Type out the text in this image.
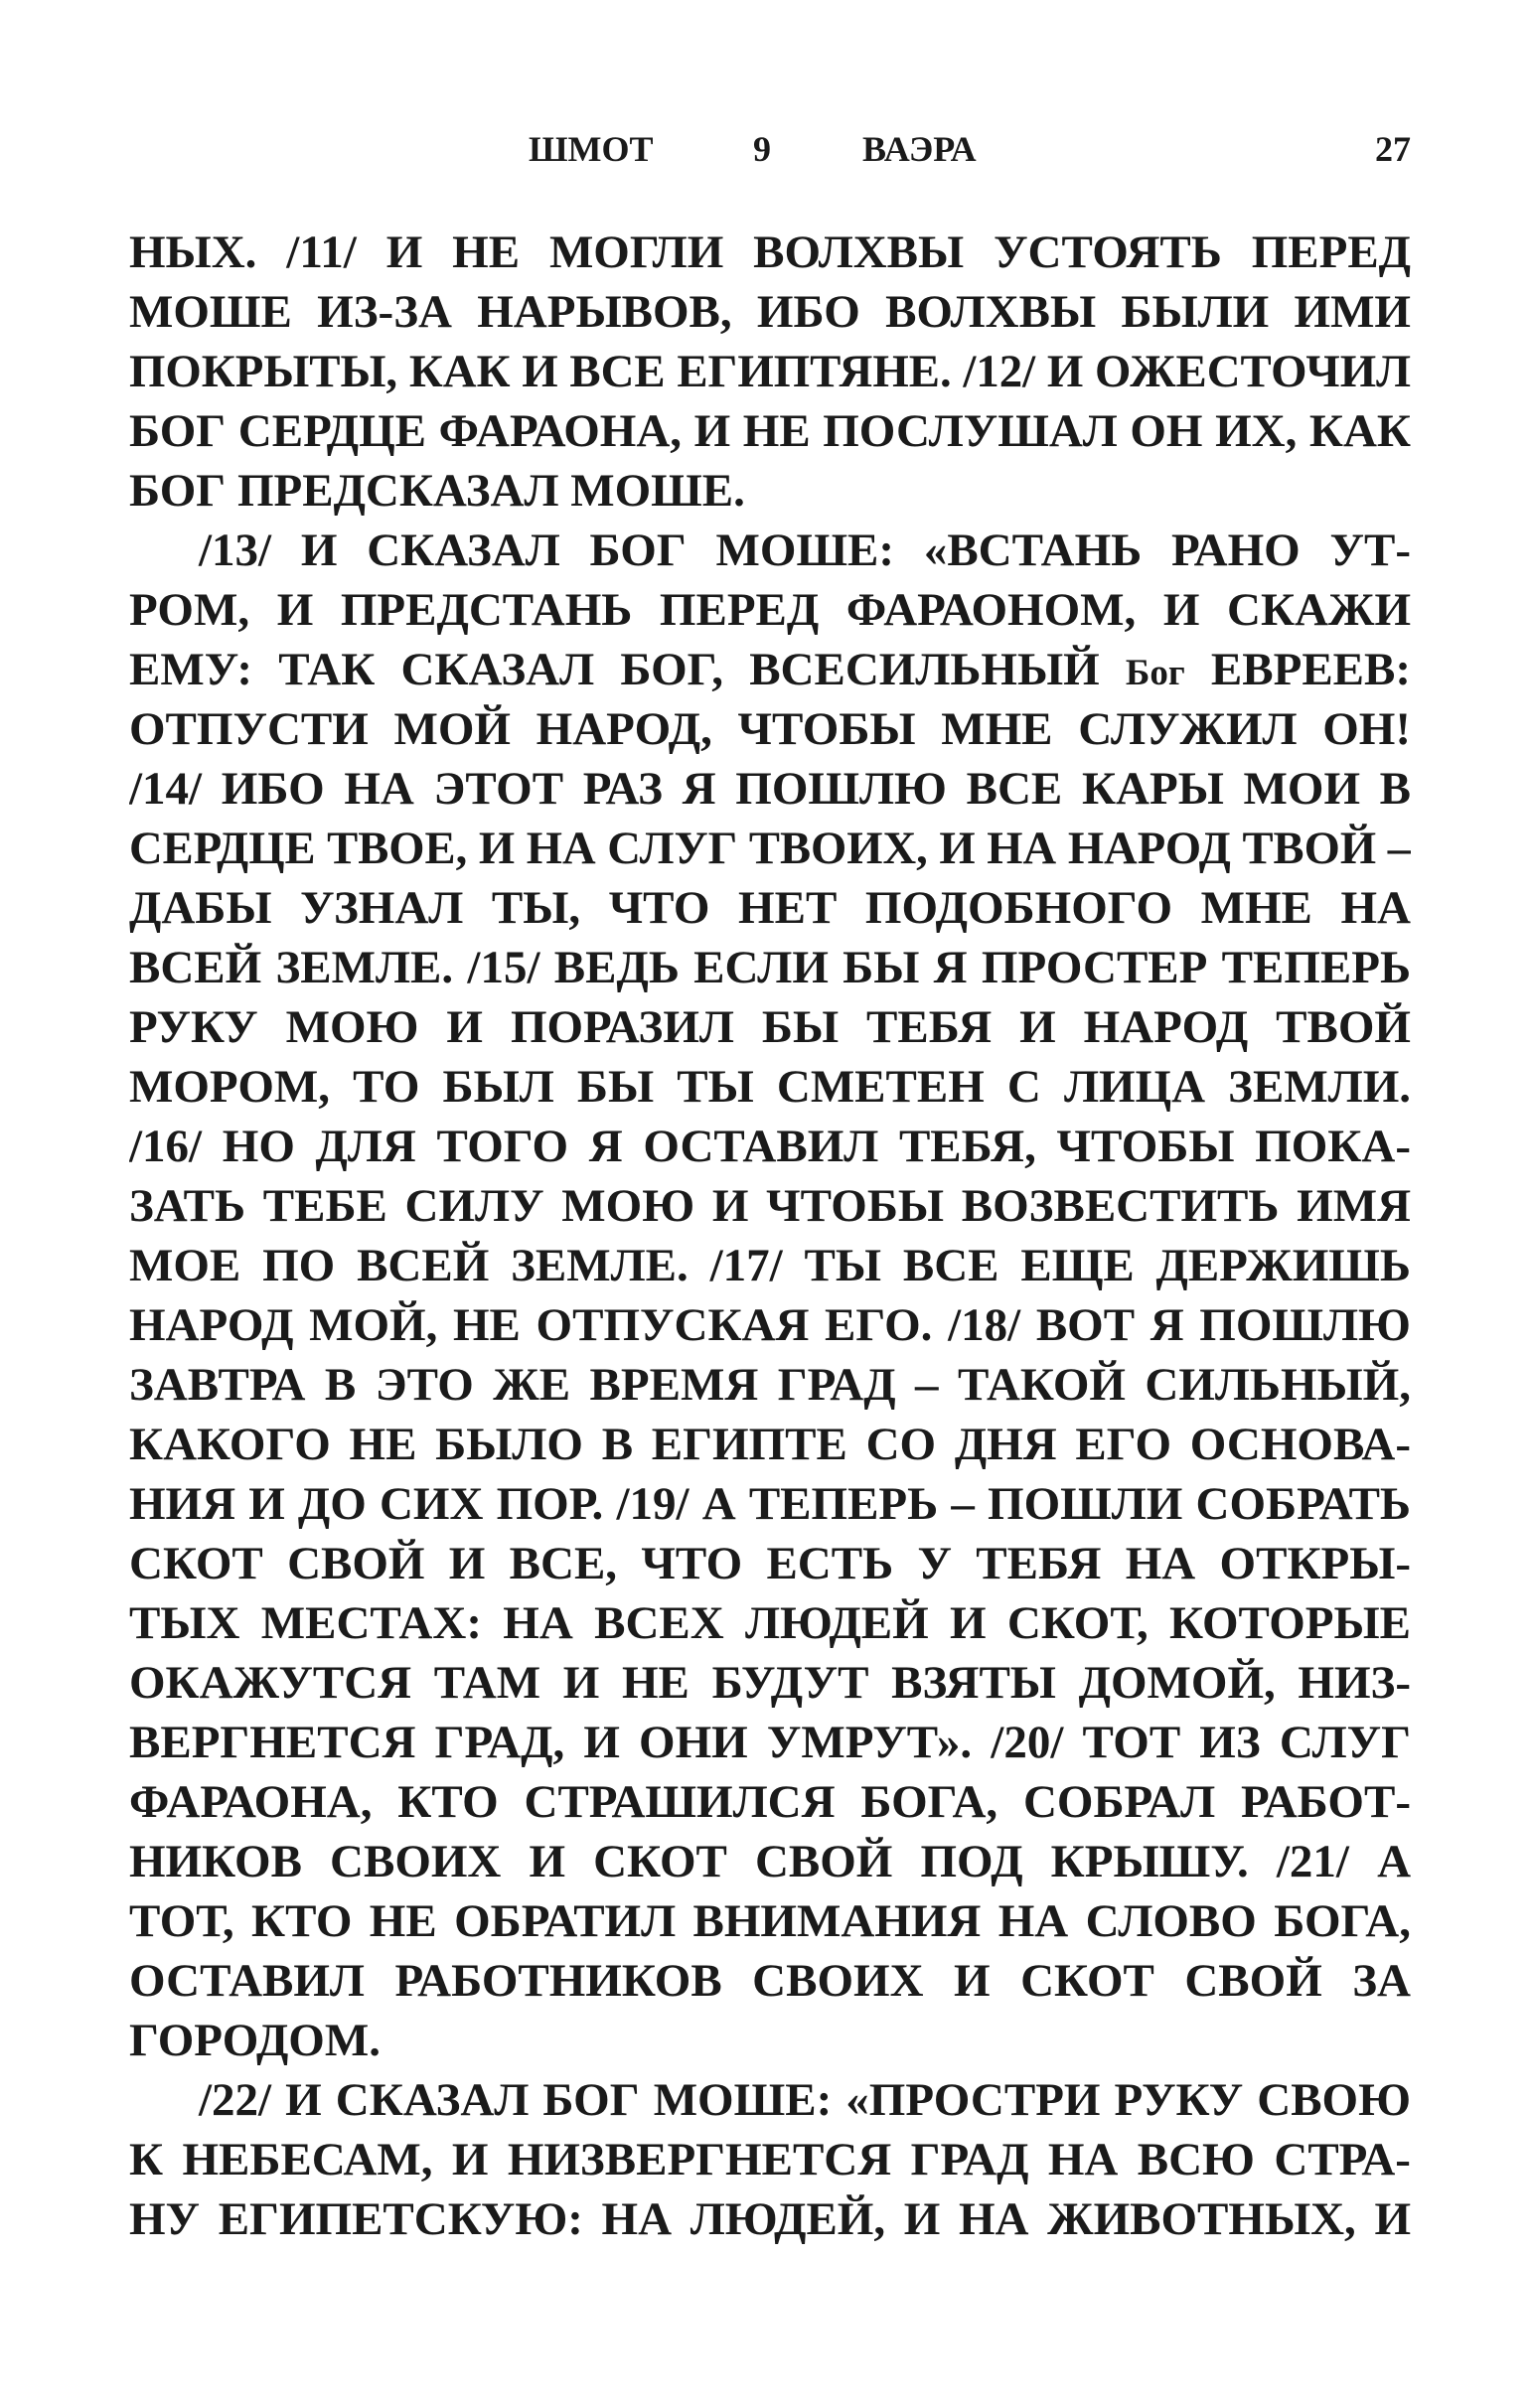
ШМОТ	9	ВАЭРА	27
НЫХ. /11/ И НЕ МОГЛИ ВОЛХВЫ УСТОЯТЬ ПЕРЕД
МОШЕ ИЗ-ЗА НАРЫВОВ, ИБО ВОЛХВЫ БЫЛИ ИМИ
ПОКРЫТЫ, КАК И ВСЕ ЕГИПТЯНЕ. /12/ И ОЖЕСТОЧИЛ
БОГ СЕРДЦЕ ФАРАОНА, И НЕ ПОСЛУШАЛ ОН ИХ, КАК
БОГ ПРЕДСКАЗАЛ МОШЕ.
/13/ И СКАЗАЛ БОГ МОШЕ: «ВСТАНЬ РАНО УТ-
РОМ, И ПРЕДСТАНЬ ПЕРЕД ФАРАОНОМ, И СКАЖИ
ЕМУ: ТАК СКАЗАЛ БОГ, ВСЕСИЛЬНЫЙ Бог ЕВРЕЕВ:
ОТПУСТИ МОЙ НАРОД, ЧТОБЫ МНЕ СЛУЖИЛ ОН!
/14/ ИБО НА ЭТОТ РАЗ Я ПОШЛЮ ВСЕ КАРЫ МОИ В
СЕРДЦЕ ТВОЕ, И НА СЛУГ ТВОИХ, И НА НАРОД ТВОЙ –
ДАБЫ УЗНАЛ ТЫ, ЧТО НЕТ ПОДОБНОГО МНЕ НА
ВСЕЙ ЗЕМЛЕ. /15/ ВЕДЬ ЕСЛИ БЫ Я ПРОСТЕР ТЕПЕРЬ
РУКУ МОЮ И ПОРАЗИЛ БЫ ТЕБЯ И НАРОД ТВОЙ
МОРОМ, ТО БЫЛ БЫ ТЫ СМЕТЕН С ЛИЦА ЗЕМЛИ.
/16/ НО ДЛЯ ТОГО Я ОСТАВИЛ ТЕБЯ, ЧТОБЫ ПОКА-
ЗАТЬ ТЕБЕ СИЛУ МОЮ И ЧТОБЫ ВОЗВЕСТИТЬ ИМЯ
МОЕ ПО ВСЕЙ ЗЕМЛЕ. /17/ ТЫ ВСЕ ЕЩЕ ДЕРЖИШЬ
НАРОД МОЙ, НЕ ОТПУСКАЯ ЕГО. /18/ ВОТ Я ПОШЛЮ
ЗАВТРА В ЭТО ЖЕ ВРЕМЯ ГРАД – ТАКОЙ СИЛЬНЫЙ,
КАКОГО НЕ БЫЛО В ЕГИПТЕ СО ДНЯ ЕГО ОСНОВА-
НИЯ И ДО СИХ ПОР. /19/ А ТЕПЕРЬ – ПОШЛИ СОБРАТЬ
СКОТ СВОЙ И ВСЕ, ЧТО ЕСТЬ У ТЕБЯ НА ОТКРЫ-
ТЫХ МЕСТАХ: НА ВСЕХ ЛЮДЕЙ И СКОТ, КОТОРЫЕ
ОКАЖУТСЯ ТАМ И НЕ БУДУТ ВЗЯТЫ ДОМОЙ, НИЗ-
ВЕРГНЕТСЯ ГРАД, И ОНИ УМРУТ». /20/ ТОТ ИЗ СЛУГ
ФАРАОНА, КТО СТРАШИЛСЯ БОГА, СОБРАЛ РАБОТ-
НИКОВ СВОИХ И СКОТ СВОЙ ПОД КРЫШУ. /21/ А
ТОТ, КТО НЕ ОБРАТИЛ ВНИМАНИЯ НА СЛОВО БОГА,
ОСТАВИЛ РАБОТНИКОВ СВОИХ И СКОТ СВОЙ ЗА
ГОРОДОМ.
/22/ И СКАЗАЛ БОГ МОШЕ: «ПРОСТРИ РУКУ СВОЮ
К НЕБЕСАМ, И НИЗВЕРГНЕТСЯ ГРАД НА ВСЮ СТРА-
НУ ЕГИПЕТСКУЮ: НА ЛЮДЕЙ, И НА ЖИВОТНЫХ, И
